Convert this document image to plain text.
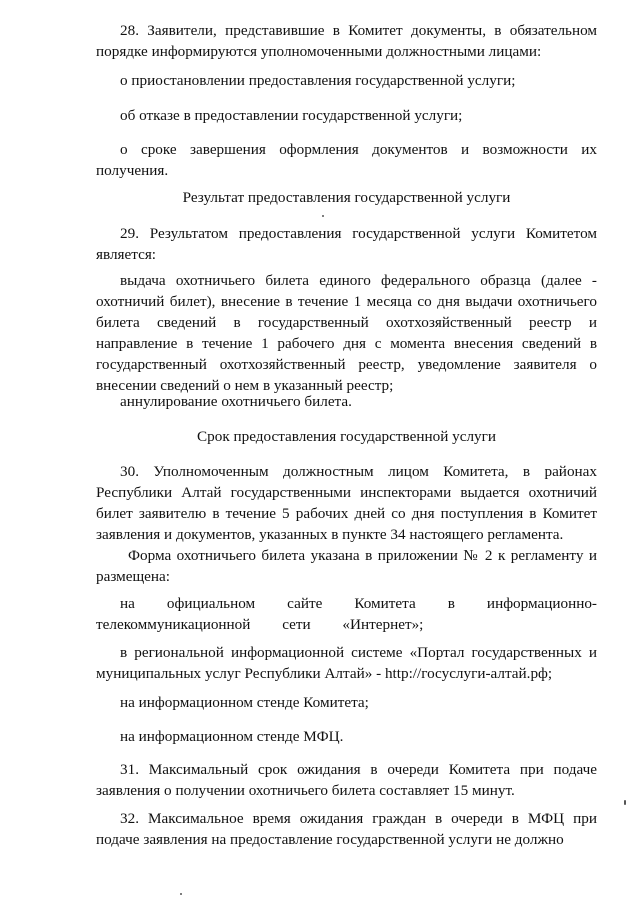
28. Заявители, представившие в Комитет документы, в обязательном порядке информируются уполномоченными должностными лицами:

о приостановлении предоставления государственной услуги;

об отказе в предоставлении государственной услуги;

о сроке завершения оформления документов и возможности их получения.

Результат предоставления государственной услуги

29. Результатом предоставления государственной услуги Комитетом является:

выдача охотничьего билета единого федерального образца (далее - охотничий билет), внесение в течение 1 месяца со дня выдачи охотничьего билета сведений в государственный охотхозяйственный реестр и направление в течение 1 рабочего дня с момента внесения сведений в государственный охотхозяйственный реестр, уведомление заявителя о внесении сведений о нем в указанный реестр;

аннулирование охотничьего билета.

Срок предоставления государственной услуги

30. Уполномоченным должностным лицом Комитета, в районах Республики Алтай государственными инспекторами выдается охотничий билет заявителю в течение 5 рабочих дней со дня поступления в Комитет заявления и документов, указанных в пункте 34 настоящего регламента.

Форма охотничьего билета указана в приложении № 2 к регламенту и размещена:

на официальном сайте Комитета в информационно-телекоммуникационной сети «Интернет»;

в региональной информационной системе «Портал государственных и муниципальных услуг Республики Алтай» - http://госуслуги-алтай.рф;

на информационном стенде Комитета;

на информационном стенде МФЦ.

31. Максимальный срок ожидания в очереди Комитета при подаче заявления о получении охотничьего билета составляет 15 минут.

32. Максимальное время ожидания граждан в очереди в МФЦ при подаче заявления на предоставление государственной услуги не должно
